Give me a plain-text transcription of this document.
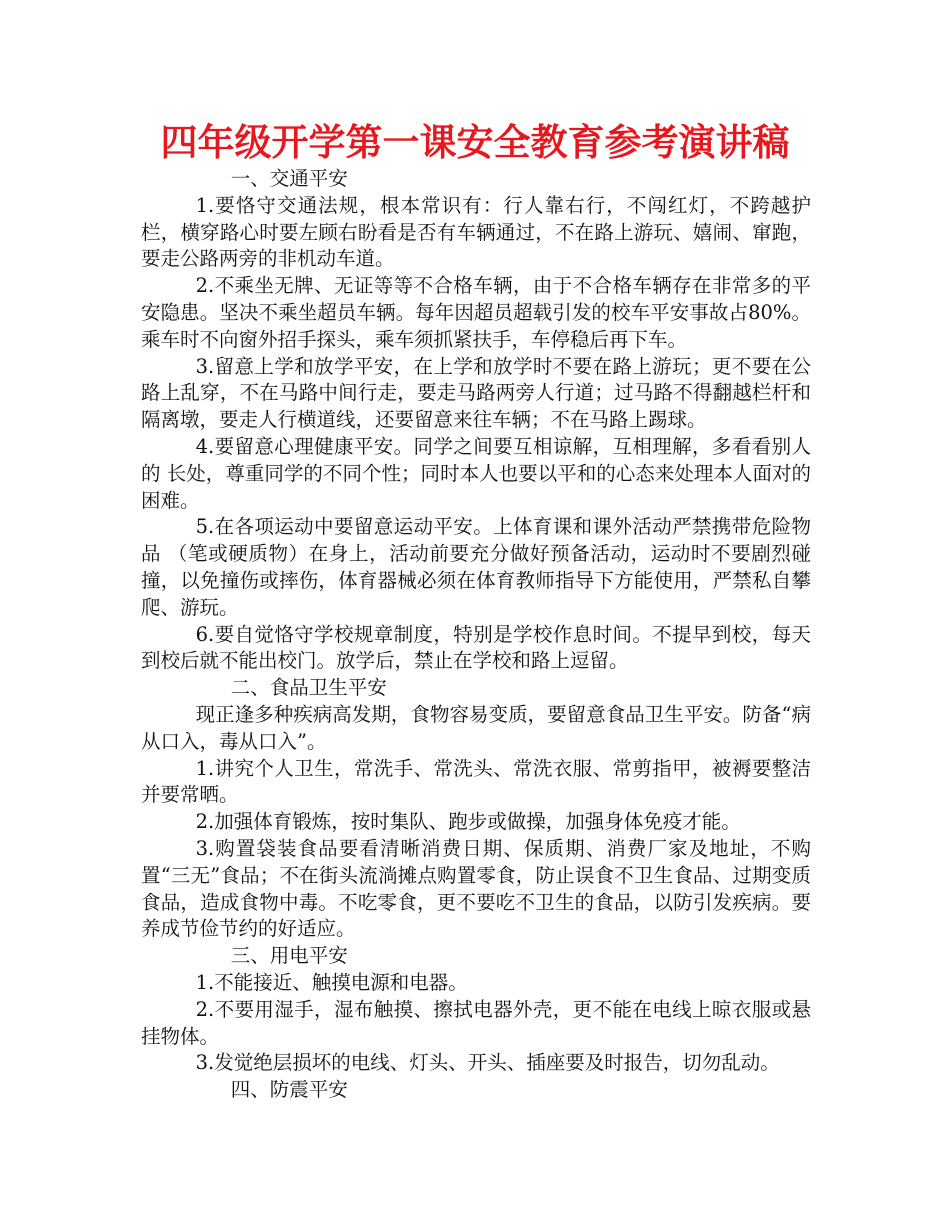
四年级开学第一课安全教育参考演讲稿

一、交通平安

1.要恪守交通法规，根本常识有：行人靠右行，不闯红灯，不跨越护栏，横穿路心时要左顾右盼看是否有车辆通过，不在路上游玩、嬉闹、窜跑，要走公路两旁的非机动车道。

2.不乘坐无牌、无证等等不合格车辆，由于不合格车辆存在非常多的平安隐患。坚决不乘坐超员车辆。每年因超员超载引发的校车平安事故占80%。乘车时不向窗外招手探头，乘车须抓紧扶手，车停稳后再下车。

3.留意上学和放学平安，在上学和放学时不要在路上游玩；更不要在公路上乱穿，不在马路中间行走，要走马路两旁人行道；过马路不得翻越栏杆和隔离墩，要走人行横道线，还要留意来往车辆；不在马路上踢球。

4.要留意心理健康平安。同学之间要互相谅解，互相理解，多看看别人的 长处，尊重同学的不同个性；同时本人也要以平和的心态来处理本人面对的困难。

5.在各项运动中要留意运动平安。上体育课和课外活动严禁携带危险物品 （笔或硬质物）在身上，活动前要充分做好预备活动，运动时不要剧烈碰撞，以免撞伤或摔伤，体育器械必须在体育教师指导下方能使用，严禁私自攀爬、游玩。

6.要自觉恪守学校规章制度，特别是学校作息时间。不提早到校，每天到校后就不能出校门。放学后，禁止在学校和路上逗留。

二、食品卫生平安

现正逢多种疾病高发期，食物容易变质，要留意食品卫生平安。防备“病从口入，毒从口入”。

1.讲究个人卫生，常洗手、常洗头、常洗衣服、常剪指甲，被褥要整洁并要常晒。

2.加强体育锻炼，按时集队、跑步或做操，加强身体免疫才能。

3.购置袋装食品要看清晰消费日期、保质期、消费厂家及地址，不购置“三无”食品；不在街头流淌摊点购置零食，防止误食不卫生食品、过期变质食品，造成食物中毒。不吃零食，更不要吃不卫生的食品，以防引发疾病。要养成节俭节约的好适应。

三、用电平安

1.不能接近、触摸电源和电器。

2.不要用湿手，湿布触摸、擦拭电器外壳，更不能在电线上晾衣服或悬挂物体。

3.发觉绝层损坏的电线、灯头、开头、插座要及时报告，切勿乱动。

四、防震平安
